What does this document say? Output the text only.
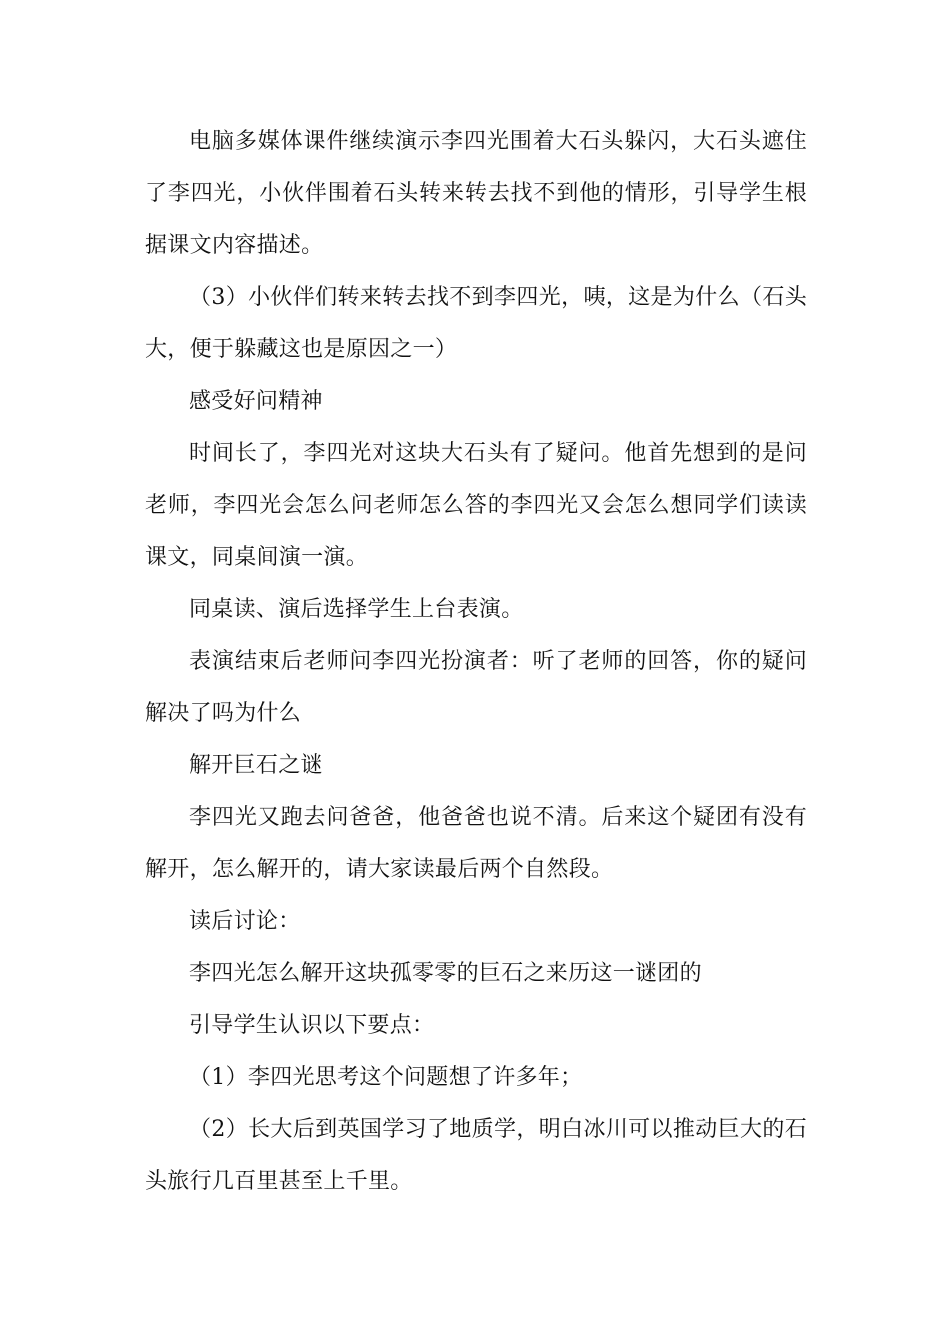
电脑多媒体课件继续演示李四光围着大石头躲闪，大石头遮住了李四光，小伙伴围着石头转来转去找不到他的情形，引导学生根据课文内容描述。

（3）小伙伴们转来转去找不到李四光，咦，这是为什么（石头大，便于躲藏这也是原因之一）

感受好问精神

时间长了，李四光对这块大石头有了疑问。他首先想到的是问老师，李四光会怎么问老师怎么答的李四光又会怎么想同学们读读课文，同桌间演一演。

同桌读、演后选择学生上台表演。

表演结束后老师问李四光扮演者：听了老师的回答，你的疑问解决了吗为什么

解开巨石之谜

李四光又跑去问爸爸，他爸爸也说不清。后来这个疑团有没有解开，怎么解开的，请大家读最后两个自然段。

读后讨论：

李四光怎么解开这块孤零零的巨石之来历这一谜团的

引导学生认识以下要点：

（1）李四光思考这个问题想了许多年；

（2）长大后到英国学习了地质学，明白冰川可以推动巨大的石头旅行几百里甚至上千里。
